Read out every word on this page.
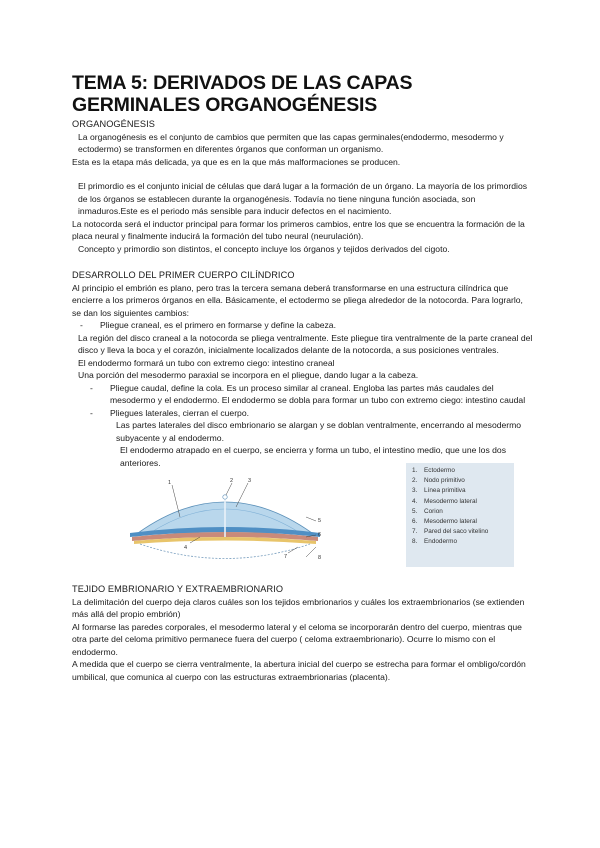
TEMA 5: DERIVADOS DE LAS CAPAS
GERMINALES ORGANOGÉNESIS
ORGANOGÉNESIS

La organogénesis es el conjunto de cambios que permiten que las capas germinales(endodermo, mesodermo y ectodermo) se transformen en diferentes órganos que conforman un organismo.

Esta es la etapa más delicada, ya que es en la que más malformaciones se producen.

El primordio es el conjunto inicial de células que dará lugar a la formación de un órgano. La mayoría de los primordios de los órganos se establecen durante la organogénesis. Todavía no tiene ninguna función asociada, son inmaduros.Este es el periodo más sensible para inducir defectos en el nacimiento.

La notocorda será el inductor principal para formar los primeros cambios, entre los que se encuentra la formación de la placa neural y finalmente inducirá la formación del tubo neural (neurulación).

Concepto y primordio son distintos, el concepto incluye los órganos y tejidos derivados del cigoto.

DESARROLLO DEL PRIMER CUERPO CILÍNDRICO

Al principio el embrión es plano, pero tras la tercera semana deberá transformarse en una estructura cilíndrica que encierre a los primeros órganos en ella. Básicamente, el ectodermo se pliega alrededor de la notocorda. Para lograrlo, se dan los siguientes cambios:

- Pliegue craneal, es el primero en formarse y define la cabeza.

La región del disco craneal a la notocorda se pliega ventralmente. Este pliegue tira ventralmente de la parte craneal del disco y lleva la boca y el corazón, inicialmente localizados delante de la notocorda, a sus posiciones ventrales.

El endodermo formará un tubo con extremo ciego: intestino craneal

Una porción del mesodermo paraxial se incorpora en el pliegue, dando lugar a la cabeza.

- Pliegue caudal, define la cola. Es un proceso similar al craneal. Engloba las partes más caudales del mesodermo y el endodermo. El endodermo se dobla para formar un tubo con extremo ciego: intestino caudal
- Pliegues laterales, cierran el cuerpo.

Las partes laterales del disco embrionario se alargan y se doblan ventralmente, encerrando al mesodermo subyacente y al endodermo.

El endodermo atrapado en el cuerpo, se encierra y forma un tubo, el intestino medio, que une los dos anteriores.

1	2	3
4
5
6
7	8
1. Ectodermo
2. Nodo primitivo
3. Línea primitiva
4. Mesodermo lateral
5. Corion
6. Mesodermo lateral
7. Pared del saco vitelino
8. Endodermo
TEJIDO EMBRIONARIO Y EXTRAEMBRIONARIO

La delimitación del cuerpo deja claros cuáles son los tejidos embrionarios y cuáles los extraembrionarios (se extienden más allá del propio embrión)

Al formarse las paredes corporales, el mesodermo lateral y el celoma se incorporarán dentro del cuerpo, mientras que otra parte del celoma primitivo permanece fuera del cuerpo ( celoma extraembrionario). Ocurre lo mismo con el endodermo.

A medida que el cuerpo se cierra ventralmente, la abertura inicial del cuerpo se estrecha para formar el ombligo/cordón umbilical, que comunica al cuerpo con las estructuras extraembrionarias (placenta).
